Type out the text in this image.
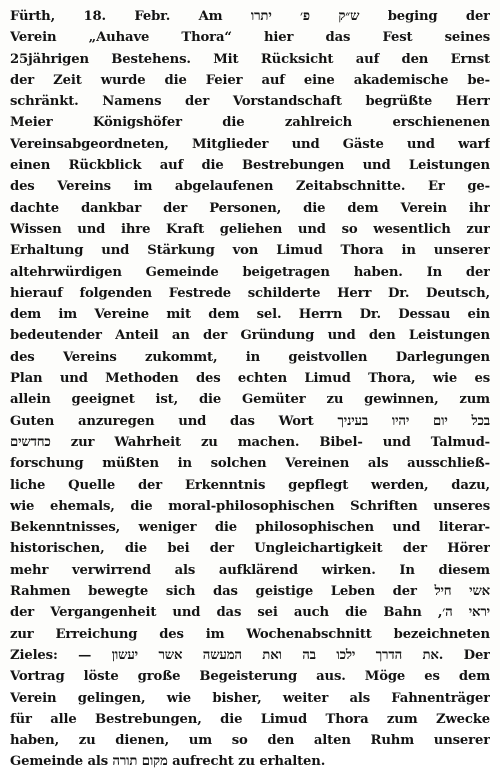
Fürth, 18. Febr. Am ש״ק פ׳ יתרו beging der
Verein „Auhave Thora“ hier das Fest seines
25jährigen Bestehens. Mit Rücksicht auf den Ernst
der Zeit wurde die Feier auf eine akademische be-
schränkt. Namens der Vorstandschaft begrüßte Herr
Meier Königshöfer die zahlreich erschienenen
Vereinsabgeordneten, Mitglieder und Gäste und warf
einen Rückblick auf die Bestrebungen und Leistungen
des Vereins im abgelaufenen Zeitabschnitte. Er ge-
dachte dankbar der Personen, die dem Verein ihr
Wissen und ihre Kraft geliehen und so wesentlich zur
Erhaltung und Stärkung von Limud Thora in unserer
altehrwürdigen Gemeinde beigetragen haben. In der
hierauf folgenden Festrede schilderte Herr Dr. Deutsch,
dem im Vereine mit dem sel. Herrn Dr. Dessau ein
bedeutender Anteil an der Gründung und den Leistungen
des Vereins zukommt, in geistvollen Darlegungen
Plan und Methoden des echten Limud Thora, wie es
allein geeignet ist, die Gemüter zu gewinnen, zum
Guten anzuregen und das Wort בכל יום יהיו בעיניך
כחדשים zur Wahrheit zu machen. Bibel- und Talmud-
forschung müßten in solchen Vereinen als ausschließ-
liche Quelle der Erkenntnis gepflegt werden, dazu,
wie ehemals, die moral-philosophischen Schriften unseres
Bekenntnisses, weniger die philosophischen und literar-
historischen, die bei der Ungleichartigkeit der Hörer
mehr verwirrend als aufklärend wirken. In diesem
Rahmen bewegte sich das geistige Leben der אשי חיל
der Vergangenheit und das sei auch die Bahn ,יראי ה׳
zur Erreichung des im Wochenabschnitt bezeichneten
Zieles: — את הדרך ילכו בה ואת המעשה אשר יעשון. Der
Vortrag löste große Begeisterung aus. Möge es dem
Verein gelingen, wie bisher, weiter als Fahnenträger
für alle Bestrebungen, die Limud Thora zum Zwecke
haben, zu dienen, um so den alten Ruhm unserer
Gemeinde als מקום תורה aufrecht zu erhalten.
